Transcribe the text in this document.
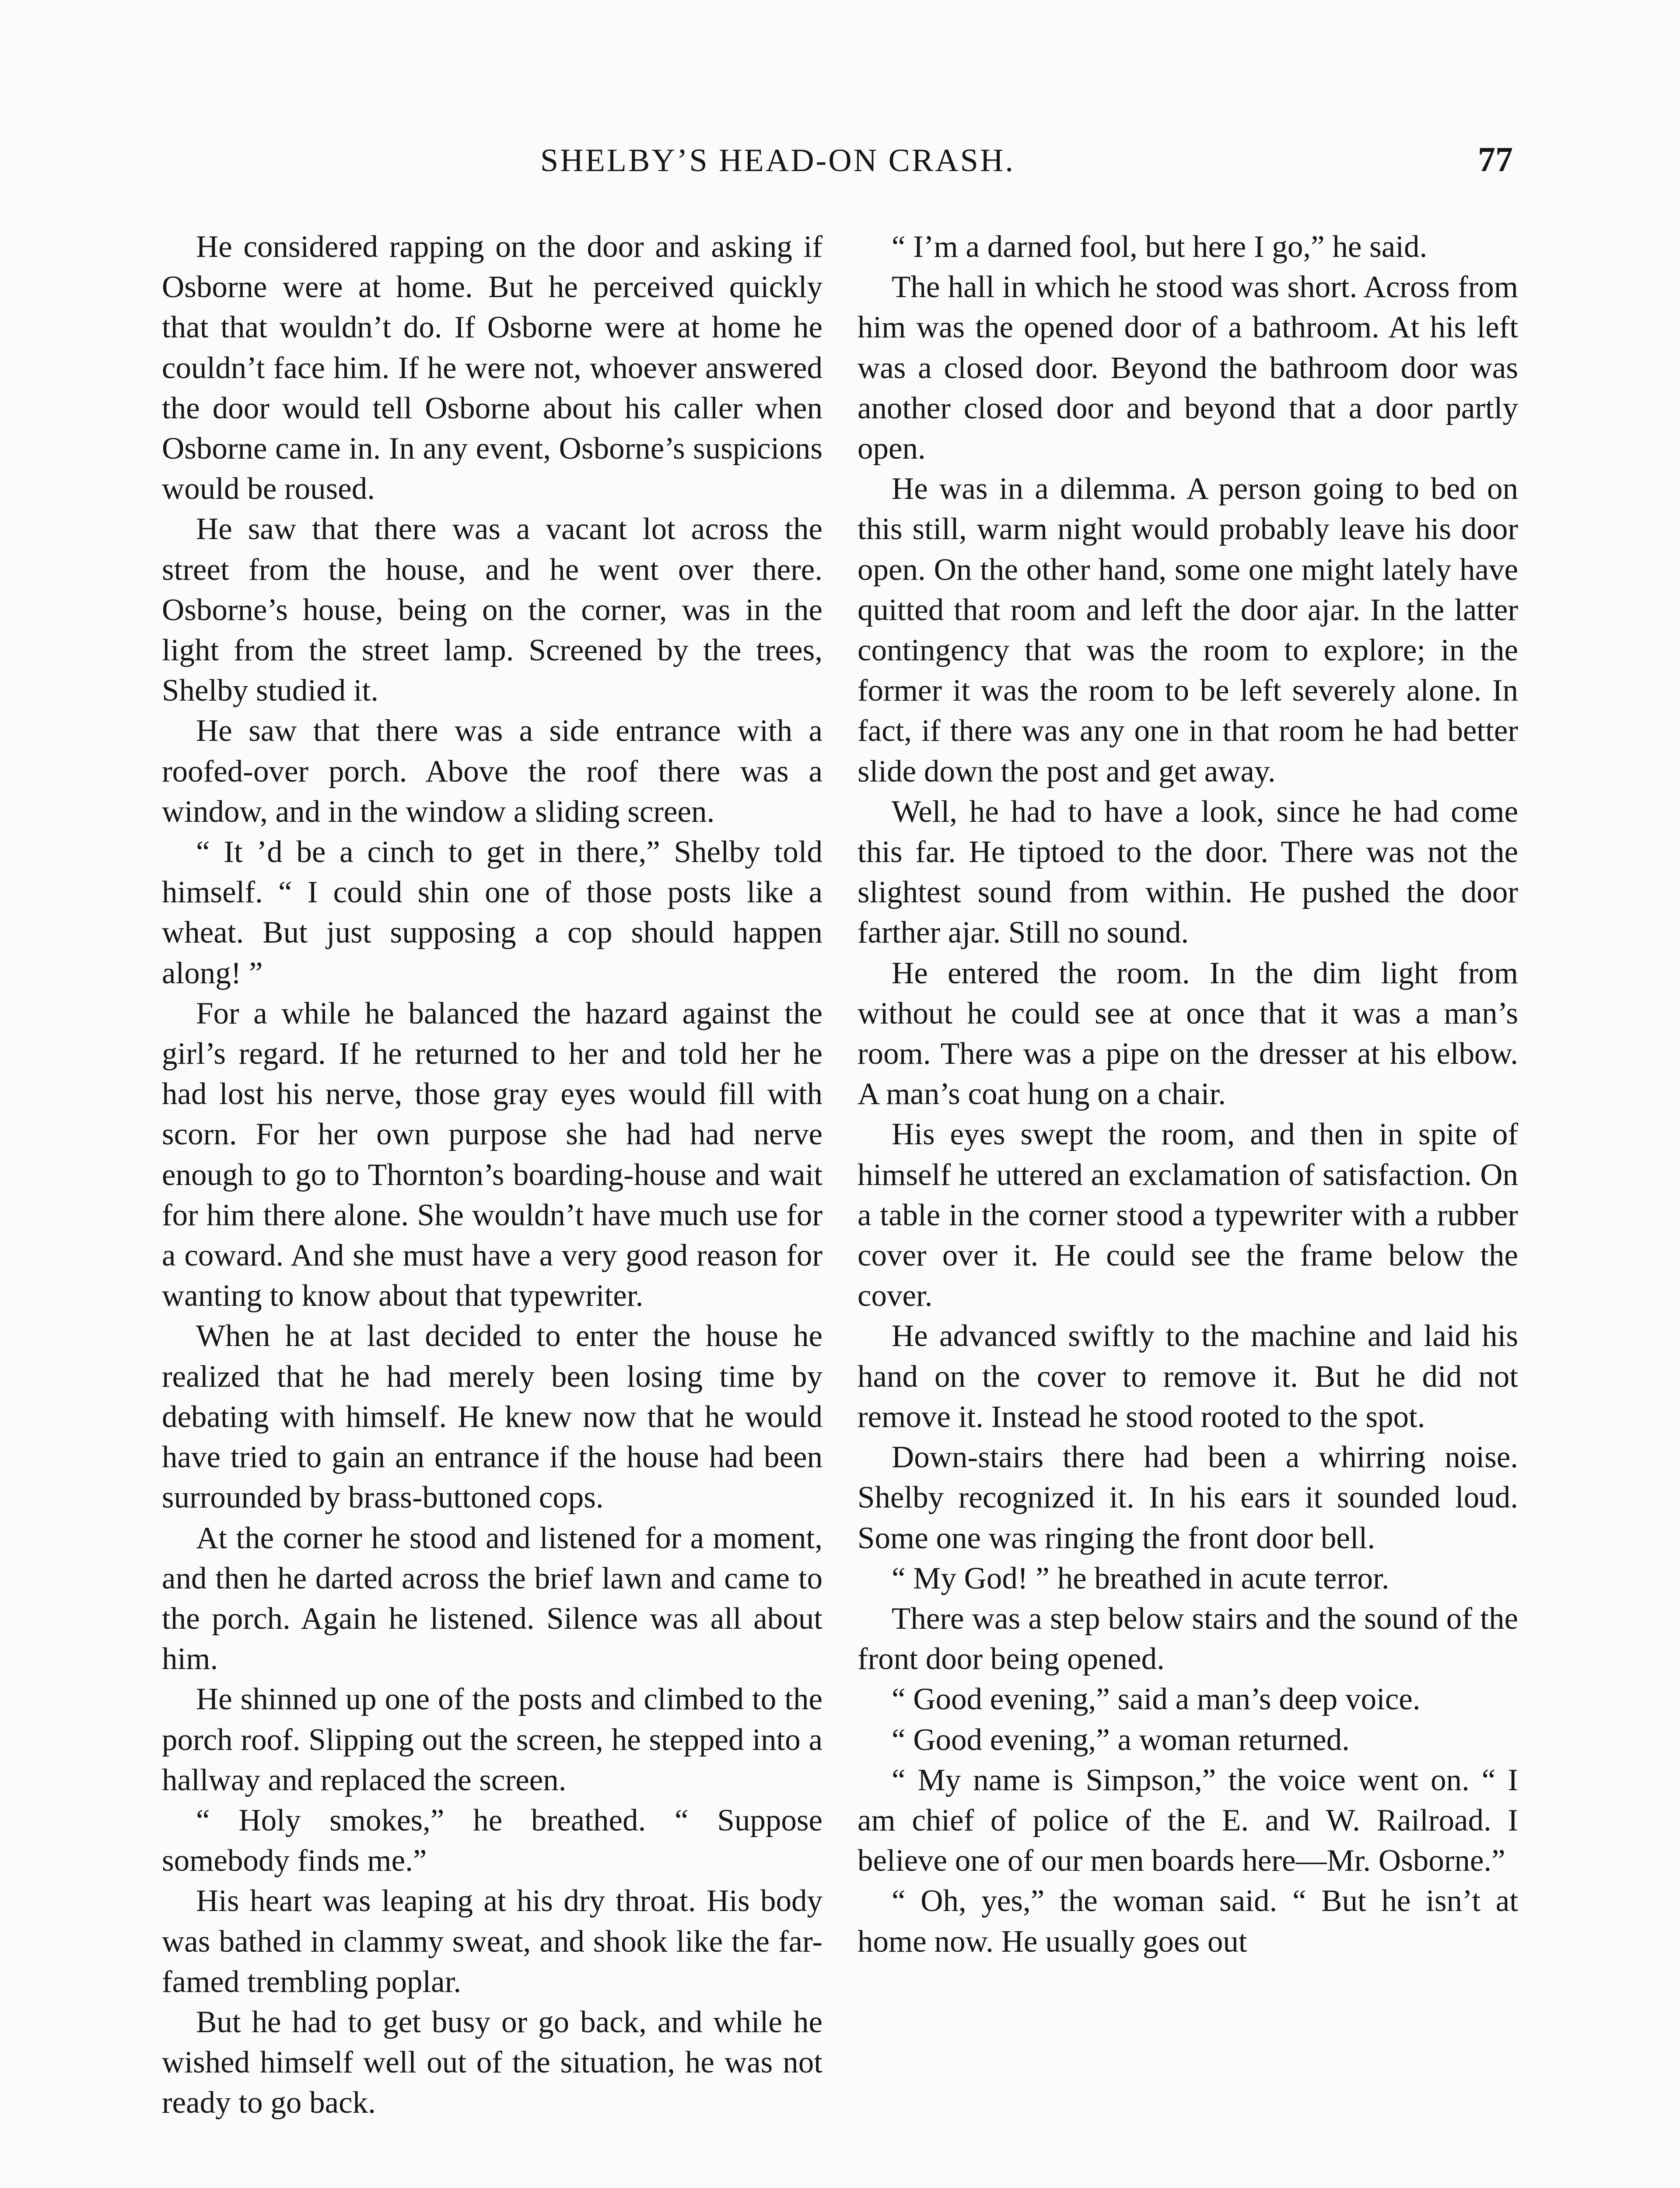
SHELBY’S HEAD-ON CRASH.	77

He considered rapping on the door and asking if Osborne were at home. But he perceived quickly that that wouldn’t do. If Osborne were at home he couldn’t face him. If he were not, whoever answered the door would tell Osborne about his caller when Osborne came in. In any event, Osborne’s suspicions would be roused.

He saw that there was a vacant lot across the street from the house, and he went over there. Osborne’s house, being on the corner, was in the light from the street lamp. Screened by the trees, Shelby studied it.

He saw that there was a side entrance with a roofed-over porch. Above the roof there was a window, and in the window a sliding screen.

“ It ’d be a cinch to get in there,” Shelby told himself. “ I could shin one of those posts like a wheat. But just supposing a cop should happen along! ”

For a while he balanced the hazard against the girl’s regard. If he returned to her and told her he had lost his nerve, those gray eyes would fill with scorn. For her own purpose she had had nerve enough to go to Thornton’s boarding-house and wait for him there alone. She wouldn’t have much use for a coward. And she must have a very good reason for wanting to know about that typewriter.

When he at last decided to enter the house he realized that he had merely been losing time by debating with himself. He knew now that he would have tried to gain an entrance if the house had been surrounded by brass-buttoned cops.

At the corner he stood and listened for a moment, and then he darted across the brief lawn and came to the porch. Again he listened. Silence was all about him.

He shinned up one of the posts and climbed to the porch roof. Slipping out the screen, he stepped into a hallway and replaced the screen.

“ Holy smokes,” he breathed. “ Suppose somebody finds me.”

His heart was leaping at his dry throat. His body was bathed in clammy sweat, and shook like the far-famed trembling poplar.

But he had to get busy or go back, and while he wished himself well out of the situation, he was not ready to go back.

“ I’m a darned fool, but here I go,” he said.

The hall in which he stood was short. Across from him was the opened door of a bathroom. At his left was a closed door. Beyond the bathroom door was another closed door and beyond that a door partly open.

He was in a dilemma. A person going to bed on this still, warm night would probably leave his door open. On the other hand, some one might lately have quitted that room and left the door ajar. In the latter contingency that was the room to explore; in the former it was the room to be left severely alone. In fact, if there was any one in that room he had better slide down the post and get away.

Well, he had to have a look, since he had come this far. He tiptoed to the door. There was not the slightest sound from within. He pushed the door farther ajar. Still no sound.

He entered the room. In the dim light from without he could see at once that it was a man’s room. There was a pipe on the dresser at his elbow. A man’s coat hung on a chair.

His eyes swept the room, and then in spite of himself he uttered an exclamation of satisfaction. On a table in the corner stood a typewriter with a rubber cover over it. He could see the frame below the cover.

He advanced swiftly to the machine and laid his hand on the cover to remove it. But he did not remove it. Instead he stood rooted to the spot.

Down-stairs there had been a whirring noise. Shelby recognized it. In his ears it sounded loud. Some one was ringing the front door bell.

“ My God! ” he breathed in acute terror.

There was a step below stairs and the sound of the front door being opened.

“ Good evening,” said a man’s deep voice.

“ Good evening,” a woman returned.

“ My name is Simpson,” the voice went on. “ I am chief of police of the E. and W. Railroad. I believe one of our men boards here—Mr. Osborne.”

“ Oh, yes,” the woman said. “ But he isn’t at home now. He usually goes out
